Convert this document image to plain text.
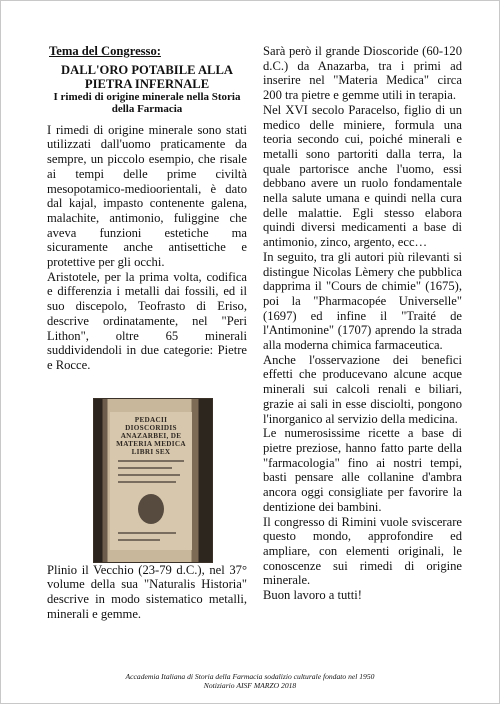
Tema del Congresso:
DALL'ORO POTABILE ALLA
PIETRA INFERNALE
I rimedi di origine minerale nella Storia della Farmacia

I rimedi di origine minerale sono stati utilizzati dall'uomo praticamente da sempre, un piccolo esempio, che risale ai tempi delle prime civiltà mesopotamico-medioorientali, è dato dal kajal, impasto contenente galena, malachite, antimonio, fuliggine che aveva funzioni estetiche ma sicuramente anche antisettiche e protettive per gli occhi.

Aristotele, per la prima volta, codifica e differenzia i metalli dai fossili, ed il suo discepolo, Teofrasto di Eriso, descrive ordinatamente, nel "Peri Lithon", oltre 65 minerali suddividendoli in due categorie: Pietre e Rocce.

PEDACII DIOSCORIDIS ANAZARBEI, DE MATERIA MEDICA LIBRI SEX

Plinio il Vecchio (23-79 d.C.), nel 37° volume della sua "Naturalis Historia" descrive in modo sistematico metalli, minerali e gemme.

Sarà però il grande Dioscoride (60-120 d.C.) da Anazarba, tra i primi ad inserire nel "Materia Medica" circa 200 tra pietre e gemme utili in terapia.

Nel XVI secolo Paracelso, figlio di un medico delle miniere, formula una teoria secondo cui, poiché minerali e metalli sono partoriti dalla terra, la quale partorisce anche l'uomo, essi debbano avere un ruolo fondamentale nella salute umana e quindi nella cura delle malattie. Egli stesso elabora quindi diversi medicamenti a base di antimonio, zinco, argento, ecc…

In seguito, tra gli autori più rilevanti si distingue Nicolas Lèmery che pubblica dapprima il "Cours de chimie" (1675), poi la "Pharmacopée Universelle" (1697) ed infine il "Traité de l'Antimonine" (1707) aprendo la strada alla moderna chimica farmaceutica.

Anche l'osservazione dei benefici effetti che producevano alcune acque minerali sui calcoli renali e biliari, grazie ai sali in esse disciolti, pongono l'inorganico al servizio della medicina.

Le numerosissime ricette a base di pietre preziose, hanno fatto parte della "farmacologia" fino ai nostri tempi, basti pensare alle collanine d'ambra ancora oggi consigliate per favorire la dentizione dei bambini.

Il congresso di Rimini vuole sviscerare questo mondo, approfondire ed ampliare, con elementi originali, le conoscenze sui rimedi di origine minerale.

Buon lavoro a tutti!

Accademia Italiana di Storia della Farmacia sodalizio culturale fondato nel 1950
Notiziario AISF MARZO 2018
